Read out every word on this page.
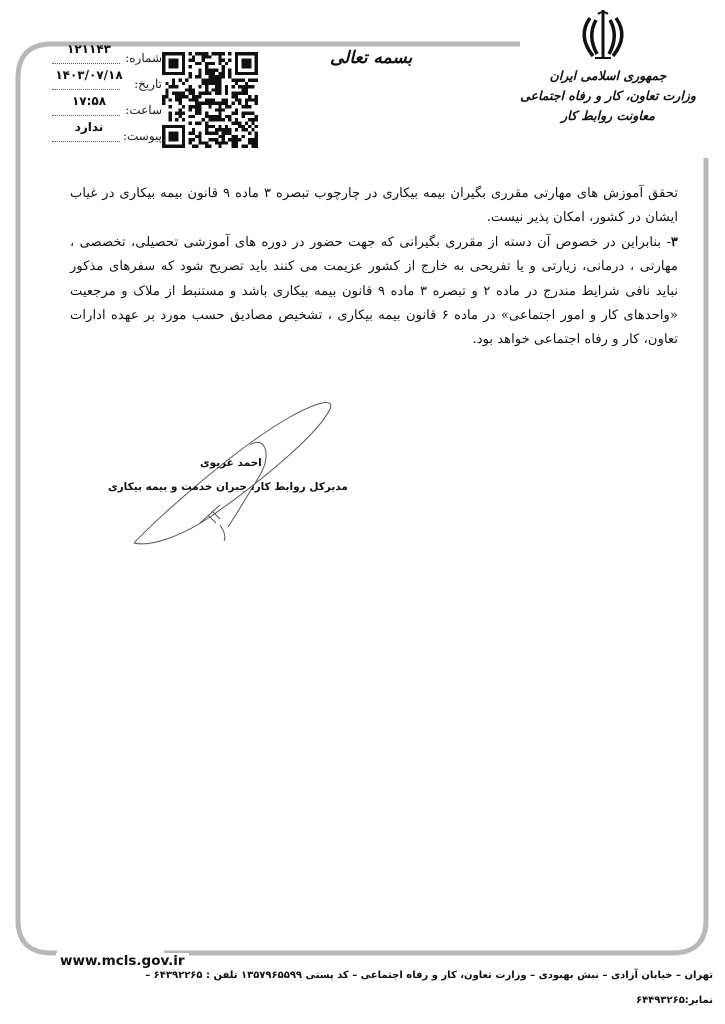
جمهوری اسلامی ایران
وزارت تعاون، کار و رفاه اجتماعی
معاونت روابط کار
بسمه تعالی
۱۲۱۱۴۳
شماره:
۱۴۰۳/۰۷/۱۸
تاریخ:
۱۷:۵۸
ساعت:
ندارد
پیوست:

تحقق آموزش های مهارتی مقرری بگیران بیمه بیکاری در چارچوب تبصره ۳ ماده ۹ قانون بیمه بیکاری در غیاب ایشان در کشور، امکان پذیر نیست.

۳- بنابراین در خصوص آن دسته از مقرری بگیرانی که جهت حضور در دوره های آموزشی تحصیلی، تخصصی ، مهارتی ، درمانی، زیارتی و یا تفریحی به خارج از کشور عزیمت می کنند باید تصریح شود که سفرهای مذکور نباید نافی شرایط مندرج در ماده ۲ و تبصره ۳ ماده ۹ قانون بیمه بیکاری باشد و مستنبط از ملاک و مرجعیت «واحدهای کار و امور اجتماعی» در ماده ۶ قانون بیمه بیکاری ، تشخیص مصادیق حسب مورد بر عهده ادارات تعاون، کار و رفاه اجتماعی خواهد بود.

احمد غریوی
مدیرکل روابط کار، جبران خدمت و بیمه بیکاری
www.mcls.gov.ir
تهران – خیابان آزادی – نبش بهبودی – وزارت تعاون، کار و رفاه اجتماعی – کد پستی ۱۳۵۷۹۶۵۵۹۹ تلفن : ۶۴۳۹۲۲۶۵ –
نمابر:۶۴۴۹۳۲۶۵
